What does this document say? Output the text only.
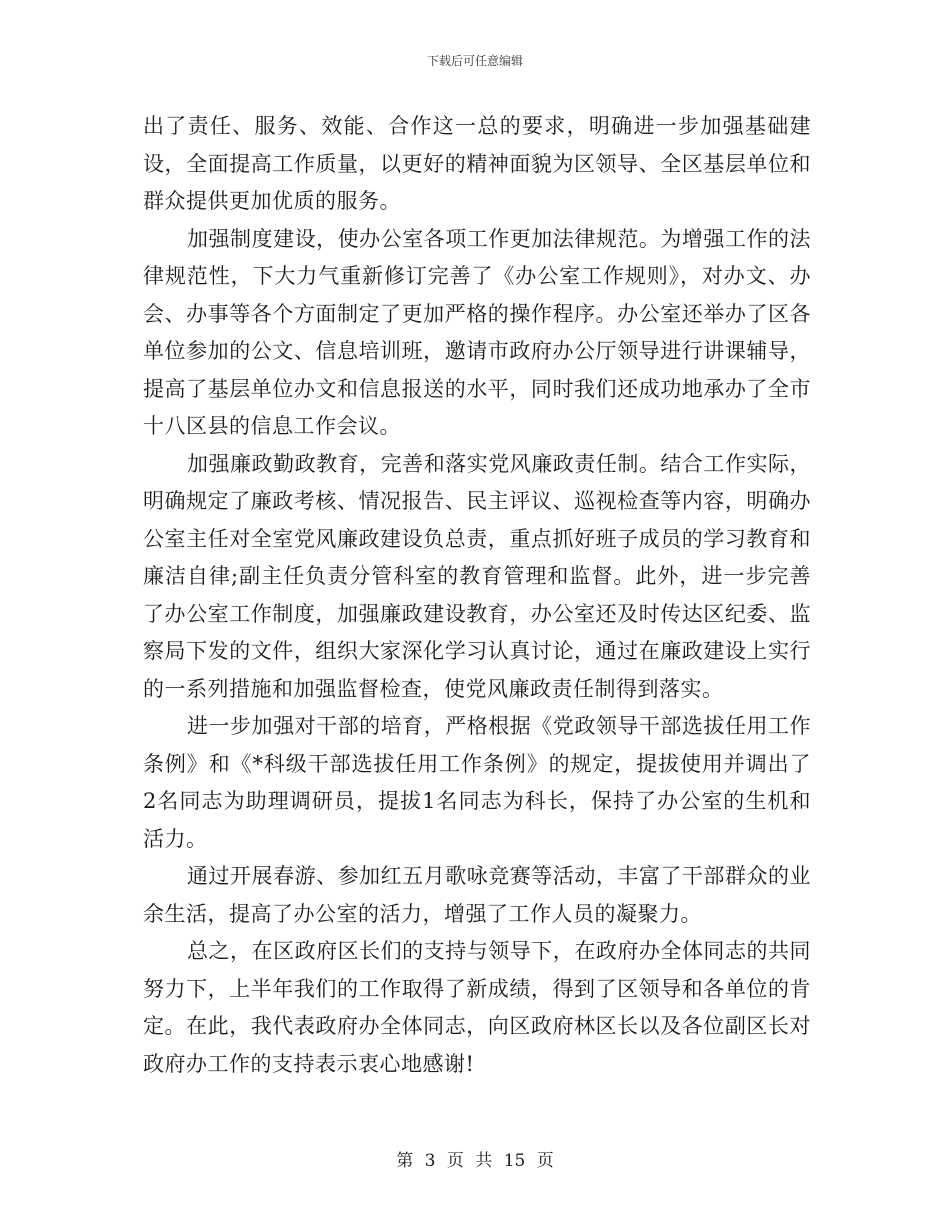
下载后可任意编辑

出了责任、服务、效能、合作这一总的要求，明确进一步加强基础建设，全面提高工作质量，以更好的精神面貌为区领导、全区基层单位和群众提供更加优质的服务。

加强制度建设，使办公室各项工作更加法律规范。为增强工作的法律规范性，下大力气重新修订完善了《办公室工作规则》，对办文、办会、办事等各个方面制定了更加严格的操作程序。办公室还举办了区各单位参加的公文、信息培训班，邀请市政府办公厅领导进行讲课辅导，提高了基层单位办文和信息报送的水平，同时我们还成功地承办了全市十八区县的信息工作会议。

加强廉政勤政教育，完善和落实党风廉政责任制。结合工作实际，明确规定了廉政考核、情况报告、民主评议、巡视检查等内容，明确办公室主任对全室党风廉政建设负总责，重点抓好班子成员的学习教育和廉洁自律;副主任负责分管科室的教育管理和监督。此外，进一步完善了办公室工作制度，加强廉政建设教育，办公室还及时传达区纪委、监察局下发的文件，组织大家深化学习认真讨论，通过在廉政建设上实行的一系列措施和加强监督检查，使党风廉政责任制得到落实。

进一步加强对干部的培育，严格根据《党政领导干部选拔任用工作条例》和《*科级干部选拔任用工作条例》的规定，提拔使用并调出了2名同志为助理调研员，提拔1名同志为科长，保持了办公室的生机和活力。

通过开展春游、参加红五月歌咏竞赛等活动，丰富了干部群众的业余生活，提高了办公室的活力，增强了工作人员的凝聚力。

总之，在区政府区长们的支持与领导下，在政府办全体同志的共同努力下，上半年我们的工作取得了新成绩，得到了区领导和各单位的肯定。在此，我代表政府办全体同志，向区政府林区长以及各位副区长对政府办工作的支持表示衷心地感谢!

第 3 页 共 15 页
